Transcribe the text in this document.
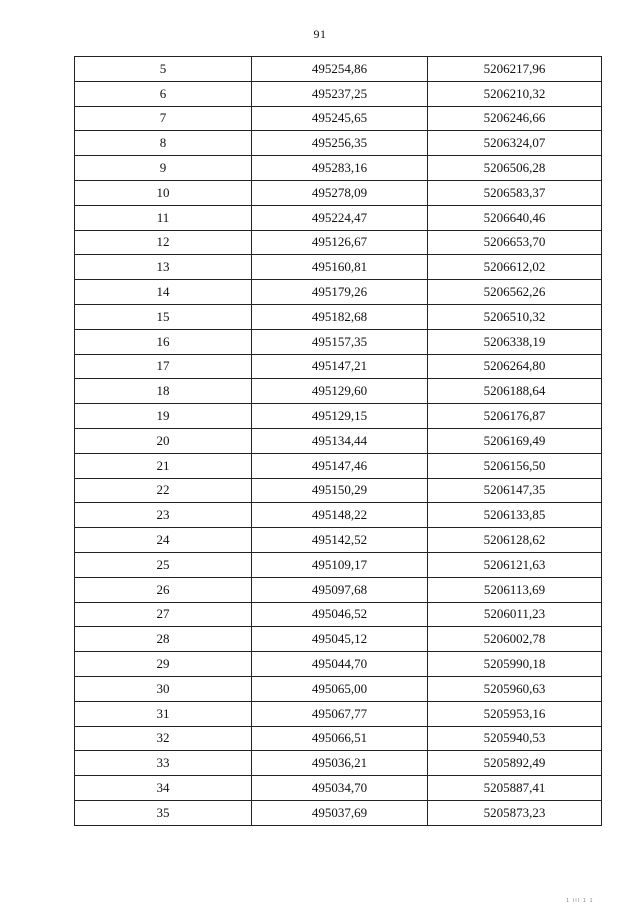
91
5	495254,86	5206217,96
6	495237,25	5206210,32
7	495245,65	5206246,66
8	495256,35	5206324,07
9	495283,16	5206506,28
10	495278,09	5206583,37
11	495224,47	5206640,46
12	495126,67	5206653,70
13	495160,81	5206612,02
14	495179,26	5206562,26
15	495182,68	5206510,32
16	495157,35	5206338,19
17	495147,21	5206264,80
18	495129,60	5206188,64
19	495129,15	5206176,87
20	495134,44	5206169,49
21	495147,46	5206156,50
22	495150,29	5206147,35
23	495148,22	5206133,85
24	495142,52	5206128,62
25	495109,17	5206121,63
26	495097,68	5206113,69
27	495046,52	5206011,23
28	495045,12	5206002,78
29	495044,70	5205990,18
30	495065,00	5205960,63
31	495067,77	5205953,16
32	495066,51	5205940,53
33	495036,21	5205892,49
34	495034,70	5205887,41
35	495037,69	5205873,23
1 III 1 1
